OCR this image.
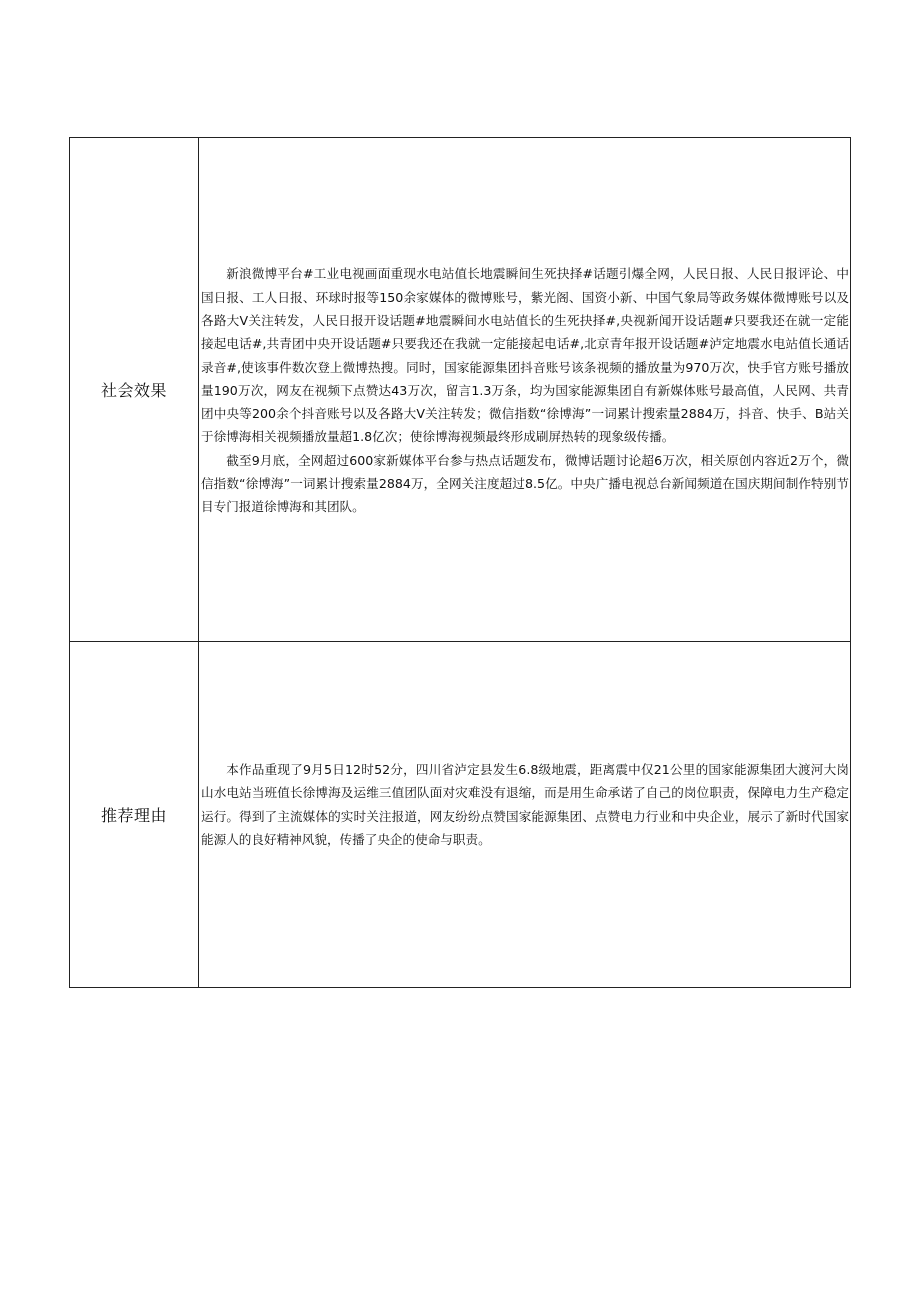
社会效果	新浪微博平台#工业电视画面重现水电站值长地震瞬间生死抉择#话题引爆全网，人民日报、人民日报评论、中国日报、工人日报、环球时报等150余家媒体的微博账号，紫光阁、国资小新、中国气象局等政务媒体微博账号以及各路大V关注转发，人民日报开设话题#地震瞬间水电站值长的生死抉择#,央视新闻开设话题#只要我还在就一定能接起电话#,共青团中央开设话题#只要我还在我就一定能接起电话#,北京青年报开设话题#泸定地震水电站值长通话录音#,使该事件数次登上微博热搜。同时，国家能源集团抖音账号该条视频的播放量为970万次，快手官方账号播放量190万次，网友在视频下点赞达43万次，留言1.3万条，均为国家能源集团自有新媒体账号最高值，人民网、共青团中央等200余个抖音账号以及各路大V关注转发；微信指数“徐博海”一词累计搜索量2884万，抖音、快手、B站关于徐博海相关视频播放量超1.8亿次；使徐博海视频最终形成刷屏热转的现象级传播。

截至9月底，全网超过600家新媒体平台参与热点话题发布，微博话题讨论超6万次，相关原创内容近2万个，微信指数“徐博海”一词累计搜索量2884万，全网关注度超过8.5亿。中央广播电视总台新闻频道在国庆期间制作特别节目专门报道徐博海和其团队。

推荐理由	本作品重现了9月5日12时52分，四川省泸定县发生6.8级地震，距离震中仅21公里的国家能源集团大渡河大岗山水电站当班值长徐博海及运维三值团队面对灾难没有退缩，而是用生命承诺了自己的岗位职责，保障电力生产稳定运行。得到了主流媒体的实时关注报道，网友纷纷点赞国家能源集团、点赞电力行业和中央企业，展示了新时代国家能源人的良好精神风貌，传播了央企的使命与职责。
